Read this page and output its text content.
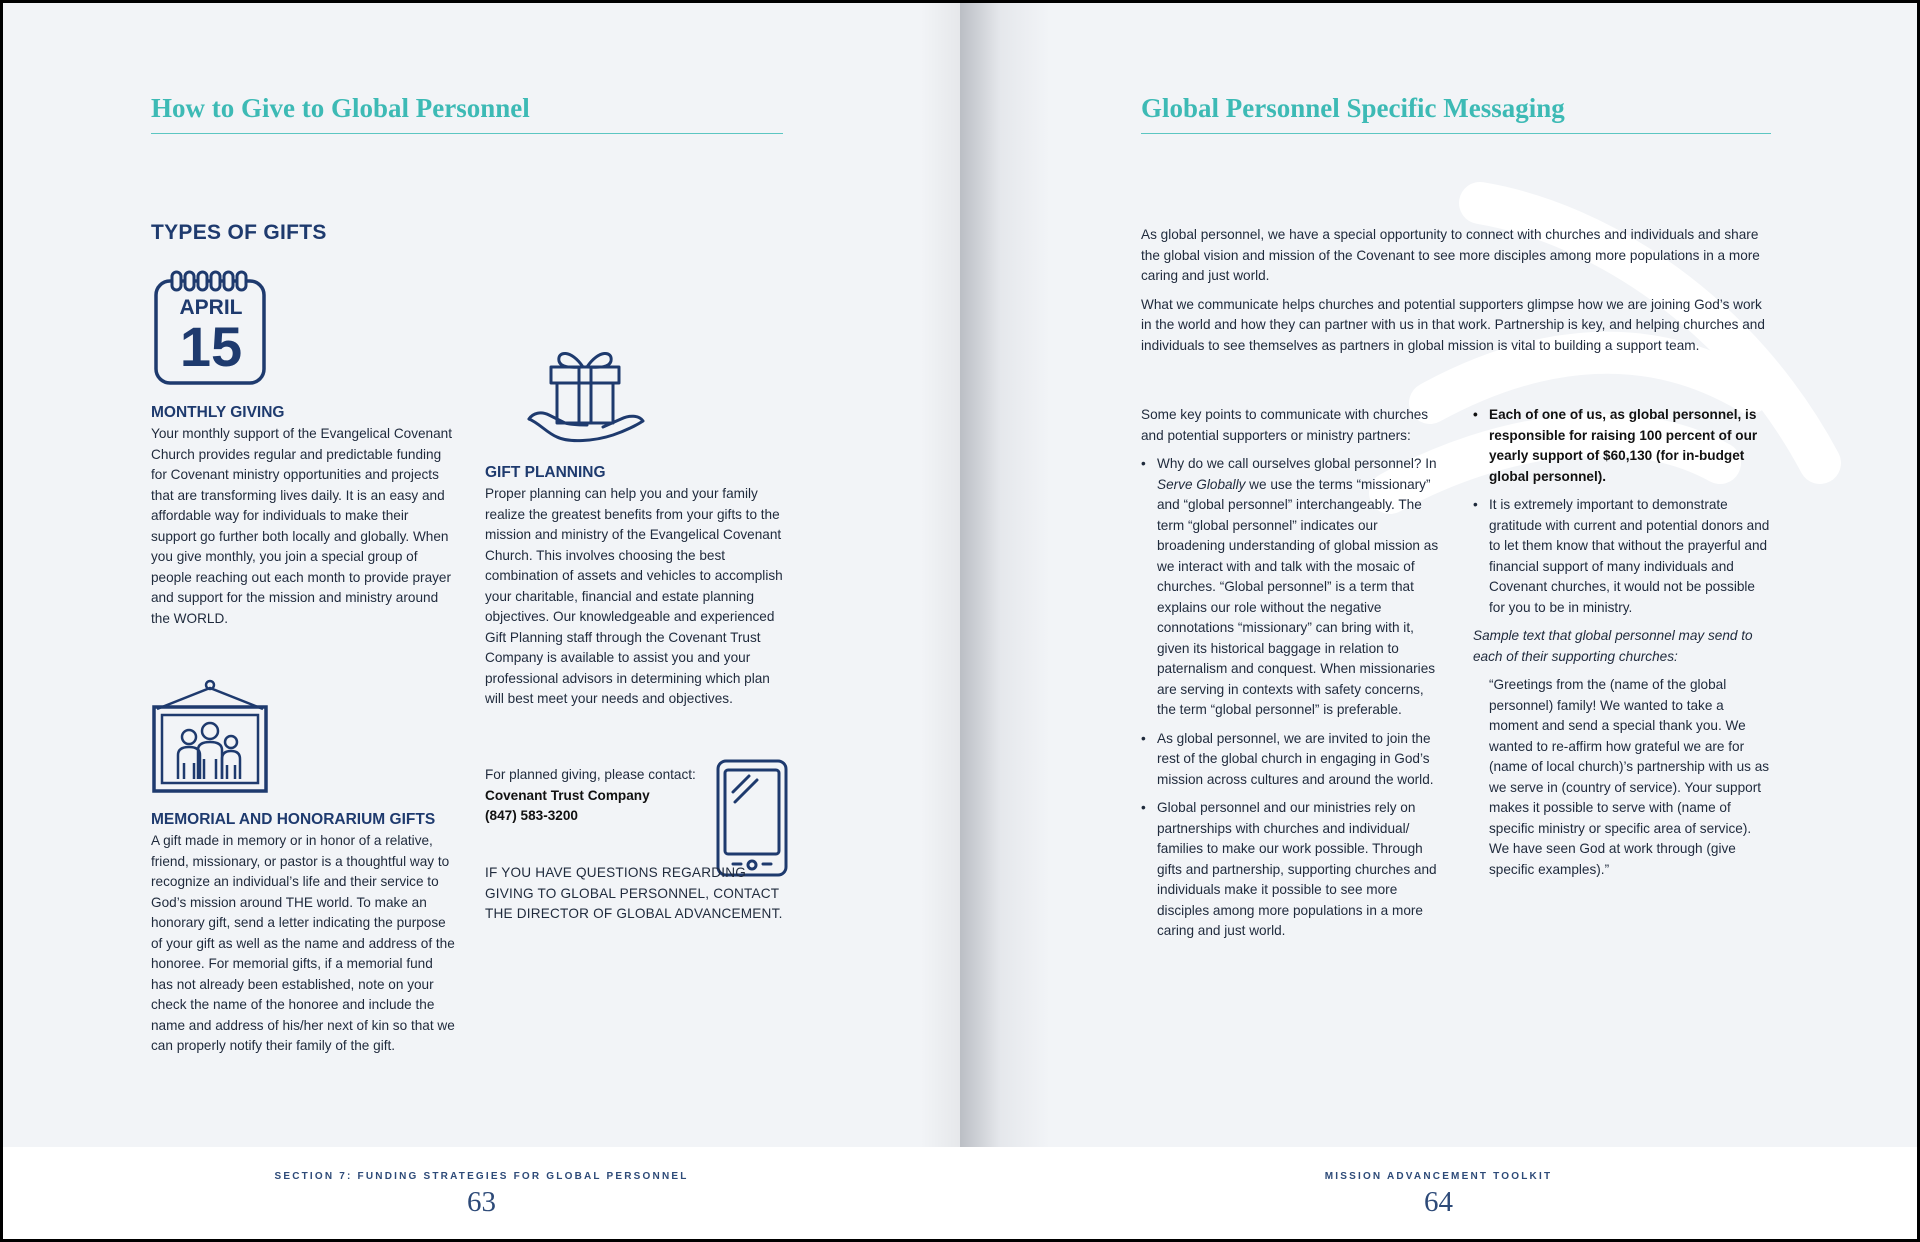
How to Give to Global Personnel
TYPES OF GIFTS
APRIL
15
MONTHLY GIVING
Your monthly support of the Evangelical Covenant Church provides regular and predictable funding for Covenant ministry opportunities and projects that are transforming lives daily. It is an easy and affordable way for individuals to make their support go further both locally and globally. When you give monthly, you join a special group of people reaching out each month to provide prayer and support for the mission and ministry around the WORLD.
MEMORIAL AND HONORARIUM GIFTS
A gift made in memory or in honor of a relative, friend, missionary, or pastor is a thoughtful way to recognize an individual’s life and their service to God’s mission around THE world. To make an honorary gift, send a letter indicating the purpose of your gift as well as the name and address of the honoree. For memorial gifts, if a memorial fund has not already been established, note on your check the name of the honoree and include the name and address of his/her next of kin so that we can properly notify their family of the gift.
GIFT PLANNING
Proper planning can help you and your family realize the greatest benefits from your gifts to the mission and ministry of the Evangelical Covenant Church. This involves choosing the best combination of assets and vehicles to accomplish your charitable, financial and estate planning objectives. Our knowledgeable and experienced Gift Planning staff through the Covenant Trust Company is available to assist you and your professional advisors in determining which plan will best meet your needs and objectives.
For planned giving, please contact:
Covenant Trust Company
(847) 583-3200
IF YOU HAVE QUESTIONS REGARDING GIVING TO GLOBAL PERSONNEL, CONTACT THE DIRECTOR OF GLOBAL ADVANCEMENT.
SECTION 7: FUNDING STRATEGIES FOR GLOBAL PERSONNEL
63
Global Personnel Specific Messaging

As global personnel, we have a special opportunity to connect with churches and individuals and share the global vision and mission of the Covenant to see more disciples among more populations in a more caring and just world.

What we communicate helps churches and potential supporters glimpse how we are joining God’s work in the world and how they can partner with us in that work. Partnership is key, and helping churches and individuals to see themselves as partners in global mission is vital to building a support team.

Some key points to communicate with churches and potential supporters or ministry partners:

• Why do we call ourselves global personnel? In Serve Globally we use the terms “missionary” and “global personnel” interchangeably. The term “global personnel” indicates our broadening understanding of global mission as we interact with and talk with the mosaic of churches. “Global personnel” is a term that explains our role without the negative connotations “missionary” can bring with it, given its historical baggage in relation to paternalism and conquest. When missionaries are serving in contexts with safety concerns, the term “global personnel” is preferable.
• As global personnel, we are invited to join the rest of the global church in engaging in God’s mission across cultures and around the world.
• Global personnel and our ministries rely on partnerships with churches and individual/ families to make our work possible. Through gifts and partnership, supporting churches and individuals make it possible to see more disciples among more populations in a more caring and just world.
• Each of one of us, as global personnel, is responsible for raising 100 percent of our yearly support of $60,130 (for in-budget global personnel).
• It is extremely important to demonstrate gratitude with current and potential donors and to let them know that without the prayerful and financial support of many individuals and Covenant churches, it would not be possible for you to be in ministry.

Sample text that global personnel may send to each of their supporting churches:

“Greetings from the (name of the global personnel) family! We wanted to take a moment and send a special thank you. We wanted to re-affirm how grateful we are for (name of local church)’s partnership with us as we serve in (country of service). Your support makes it possible to serve with (name of specific ministry or specific area of service). We have seen God at work through (give specific examples).”

MISSION ADVANCEMENT TOOLKIT
64
